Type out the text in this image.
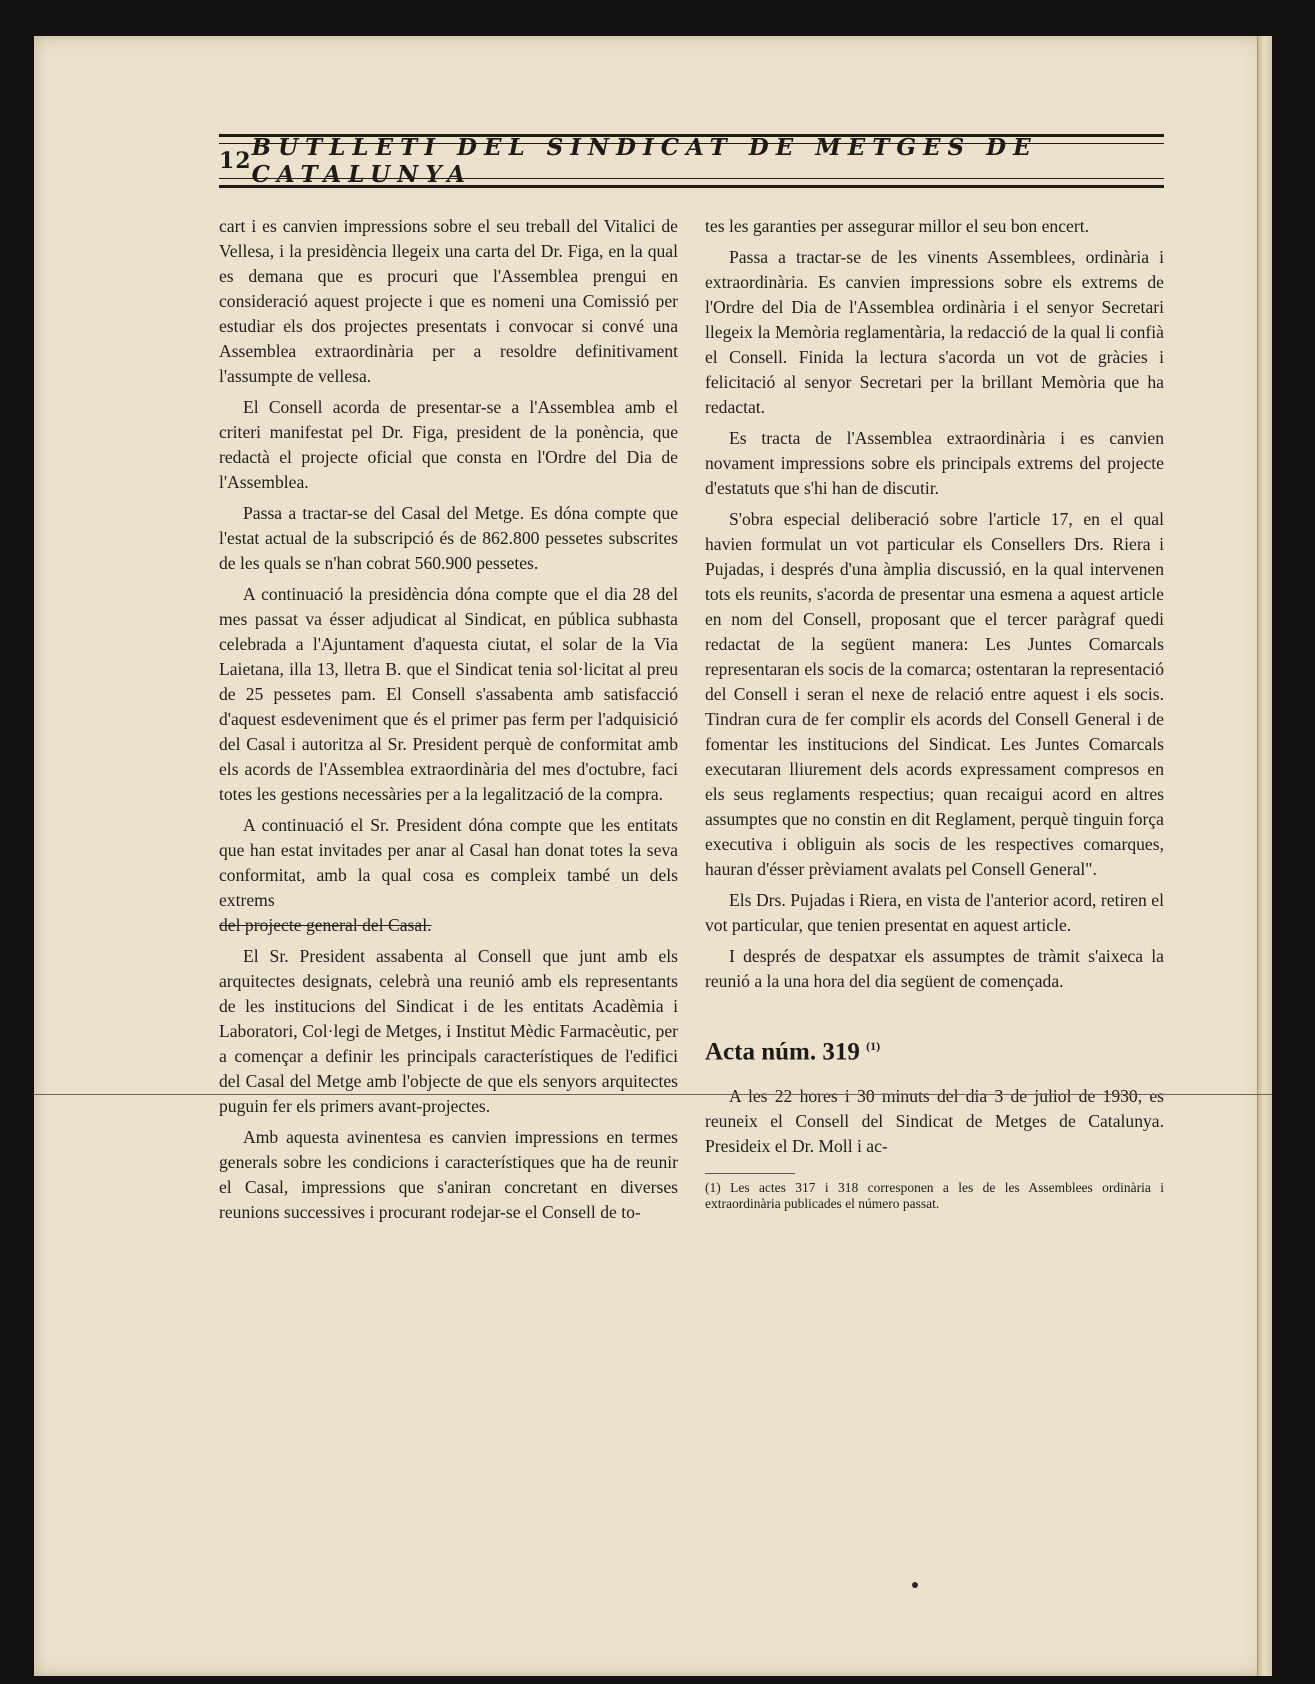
12 BUTLLETI DEL SINDICAT DE METGES DE CATALUNYA

cart i es canvien impressions sobre el seu treball del Vitalici de Vellesa, i la presidència llegeix una carta del Dr. Figa, en la qual es demana que es procuri que l'Assemblea prengui en consideració aquest projecte i que es nomeni una Comissió per estudiar els dos projectes presentats i convocar si convé una Assemblea extraordinària per a resoldre definitivament l'assumpte de vellesa.

El Consell acorda de presentar-se a l'Assemblea amb el criteri manifestat pel Dr. Figa, president de la ponència, que redactà el projecte oficial que consta en l'Ordre del Dia de l'Assemblea.

Passa a tractar-se del Casal del Metge. Es dóna compte que l'estat actual de la subscripció és de 862.800 pessetes subscrites de les quals se n'han cobrat 560.900 pessetes.

A continuació la presidència dóna compte que el dia 28 del mes passat va ésser adjudicat al Sindicat, en pública subhasta celebrada a l'Ajuntament d'aquesta ciutat, el solar de la Via Laietana, illa 13, lletra B. que el Sindicat tenia sol·licitat al preu de 25 pessetes pam. El Consell s'assabenta amb satisfacció d'aquest esdeveniment que és el primer pas ferm per l'adquisició del Casal i autoritza al Sr. President perquè de conformitat amb els acords de l'Assemblea extraordinària del mes d'octubre, faci totes les gestions necessàries per a la legalització de la compra.

A continuació el Sr. President dóna compte que les entitats que han estat invitades per anar al Casal han donat totes la seva conformitat, amb la qual cosa es compleix també un dels extrems

del projecte general del Casal.

El Sr. President assabenta al Consell que junt amb els arquitectes designats, celebrà una reunió amb els representants de les institucions del Sindicat i de les entitats Acadèmia i Laboratori, Col·legi de Metges, i Institut Mèdic Farmacèutic, per a començar a definir les principals característiques de l'edifici del Casal del Metge amb l'objecte de que els senyors arquitectes puguin fer els primers avant-projectes.

Amb aquesta avinentesa es canvien impressions en termes generals sobre les condicions i característiques que ha de reunir el Casal, impressions que s'aniran concretant en diverses reunions successives i procurant rodejar-se el Consell de to-

tes les garanties per assegurar millor el seu bon encert.

Passa a tractar-se de les vinents Assemblees, ordinària i extraordinària. Es canvien impressions sobre els extrems de l'Ordre del Dia de l'Assemblea ordinària i el senyor Secretari llegeix la Memòria reglamentària, la redacció de la qual li confià el Consell. Finida la lectura s'acorda un vot de gràcies i felicitació al senyor Secretari per la brillant Memòria que ha redactat.

Es tracta de l'Assemblea extraordinària i es canvien novament impressions sobre els principals extrems del projecte d'estatuts que s'hi han de discutir.

S'obra especial deliberació sobre l'article 17, en el qual havien formulat un vot particular els Consellers Drs. Riera i Pujadas, i després d'una àmplia discussió, en la qual intervenen tots els reunits, s'acorda de presentar una esmena a aquest article en nom del Consell, proposant que el tercer paràgraf quedi redactat de la següent manera: Les Juntes Comarcals representaran els socis de la comarca; ostentaran la representació del Consell i seran el nexe de relació entre aquest i els socis. Tindran cura de fer complir els acords del Consell General i de fomentar les institucions del Sindicat. Les Juntes Comarcals executaran lliurement dels acords expressament compresos en els seus reglaments respectius; quan recaigui acord en altres assumptes que no constin en dit Reglament, perquè tinguin força executiva i obliguin als socis de les respectives comarques, hauran d'ésser prèviament avalats pel Consell General".

Els Drs. Pujadas i Riera, en vista de l'anterior acord, retiren el vot particular, que tenien presentat en aquest article.

I després de despatxar els assumptes de tràmit s'aixeca la reunió a la una hora del dia següent de començada.

Acta núm. 319 $^{(1)}$

A les 22 hores i 30 minuts del dia 3 de juliol de 1930, es reuneix el Consell del Sindicat de Metges de Catalunya. Presideix el Dr. Moll i ac-

(1) Les actes 317 i 318 corresponen a les de les Assemblees ordinària i extraordinària publicades el número passat.
